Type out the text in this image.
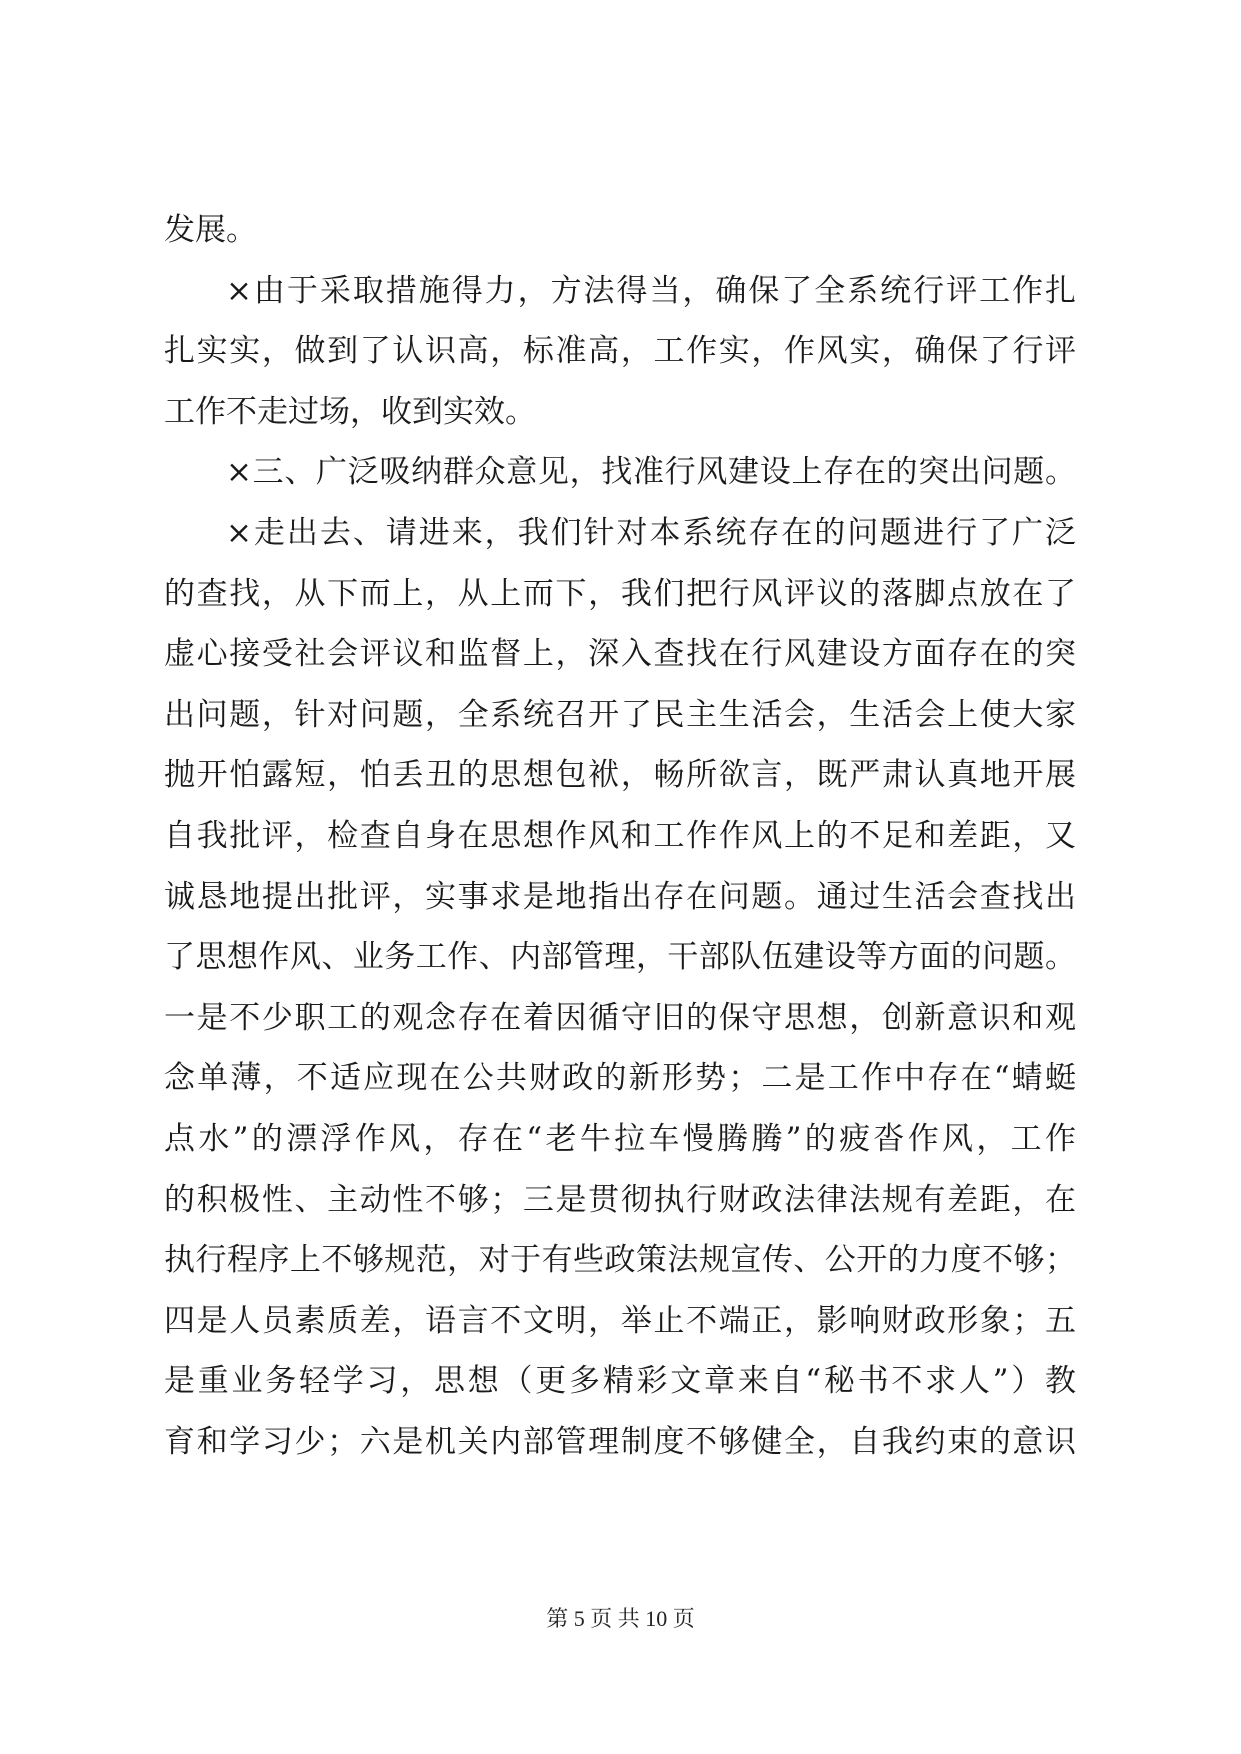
发展。
×由于采取措施得力，方法得当，确保了全系统行评工作扎
扎实实，做到了认识高，标准高，工作实，作风实，确保了行评
工作不走过场，收到实效。
×三、广泛吸纳群众意见，找准行风建设上存在的突出问题。
×走出去、请进来，我们针对本系统存在的问题进行了广泛
的查找，从下而上，从上而下，我们把行风评议的落脚点放在了
虚心接受社会评议和监督上，深入查找在行风建设方面存在的突
出问题，针对问题，全系统召开了民主生活会，生活会上使大家
抛开怕露短，怕丢丑的思想包袱，畅所欲言，既严肃认真地开展
自我批评，检查自身在思想作风和工作作风上的不足和差距，又
诚恳地提出批评，实事求是地指出存在问题。通过生活会查找出
了思想作风、业务工作、内部管理，干部队伍建设等方面的问题。
一是不少职工的观念存在着因循守旧的保守思想，创新意识和观
念单薄，不适应现在公共财政的新形势；二是工作中存在“蜻蜓
点水”的漂浮作风，存在“老牛拉车慢腾腾”的疲沓作风，工作
的积极性、主动性不够；三是贯彻执行财政法律法规有差距，在
执行程序上不够规范，对于有些政策法规宣传、公开的力度不够；
四是人员素质差，语言不文明，举止不端正，影响财政形象；五
是重业务轻学习，思想（更多精彩文章来自“秘书不求人”）教
育和学习少；六是机关内部管理制度不够健全，自我约束的意识
第 5 页 共 10 页
